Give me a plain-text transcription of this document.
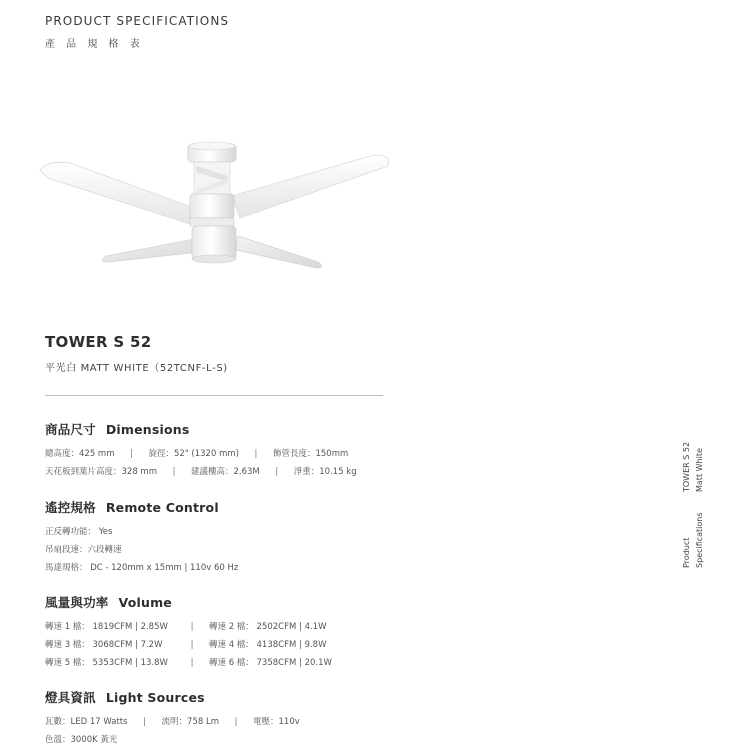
PRODUCT SPECIFICATIONS
產 品 規 格 表
TOWER S 52
平光白 MATT WHITE（52TCNF-L-S)
商品尺寸 Dimensions
總高度：425 mm	|	旋徑：52" (1320 mm)	|	飾管長度：150mm
天花板到葉片高度：328 mm	|	建議樓高：2.63M	|	淨重：10.15 kg
遙控規格 Remote Control
正反轉功能： Yes
吊扇段速：六段轉速
馬達規格： DC - 120mm x 15mm | 110v 60 Hz
風量與功率 Volume
轉速 1 檔： 1819CFM | 2.85W	|	轉速 2 檔： 2502CFM | 4.1W
轉速 3 檔： 3068CFM | 7.2W	|	轉速 4 檔： 4138CFM | 9.8W
轉速 5 檔： 5353CFM | 13.8W	|	轉速 6 檔： 7358CFM | 20.1W
燈具資訊 Light Sources
瓦數：LED 17 Watts	|	流明：758 Lm	|	電壓：110v
色溫：3000K 黃光
TOWER S 52 Matt White
Product Specifications
